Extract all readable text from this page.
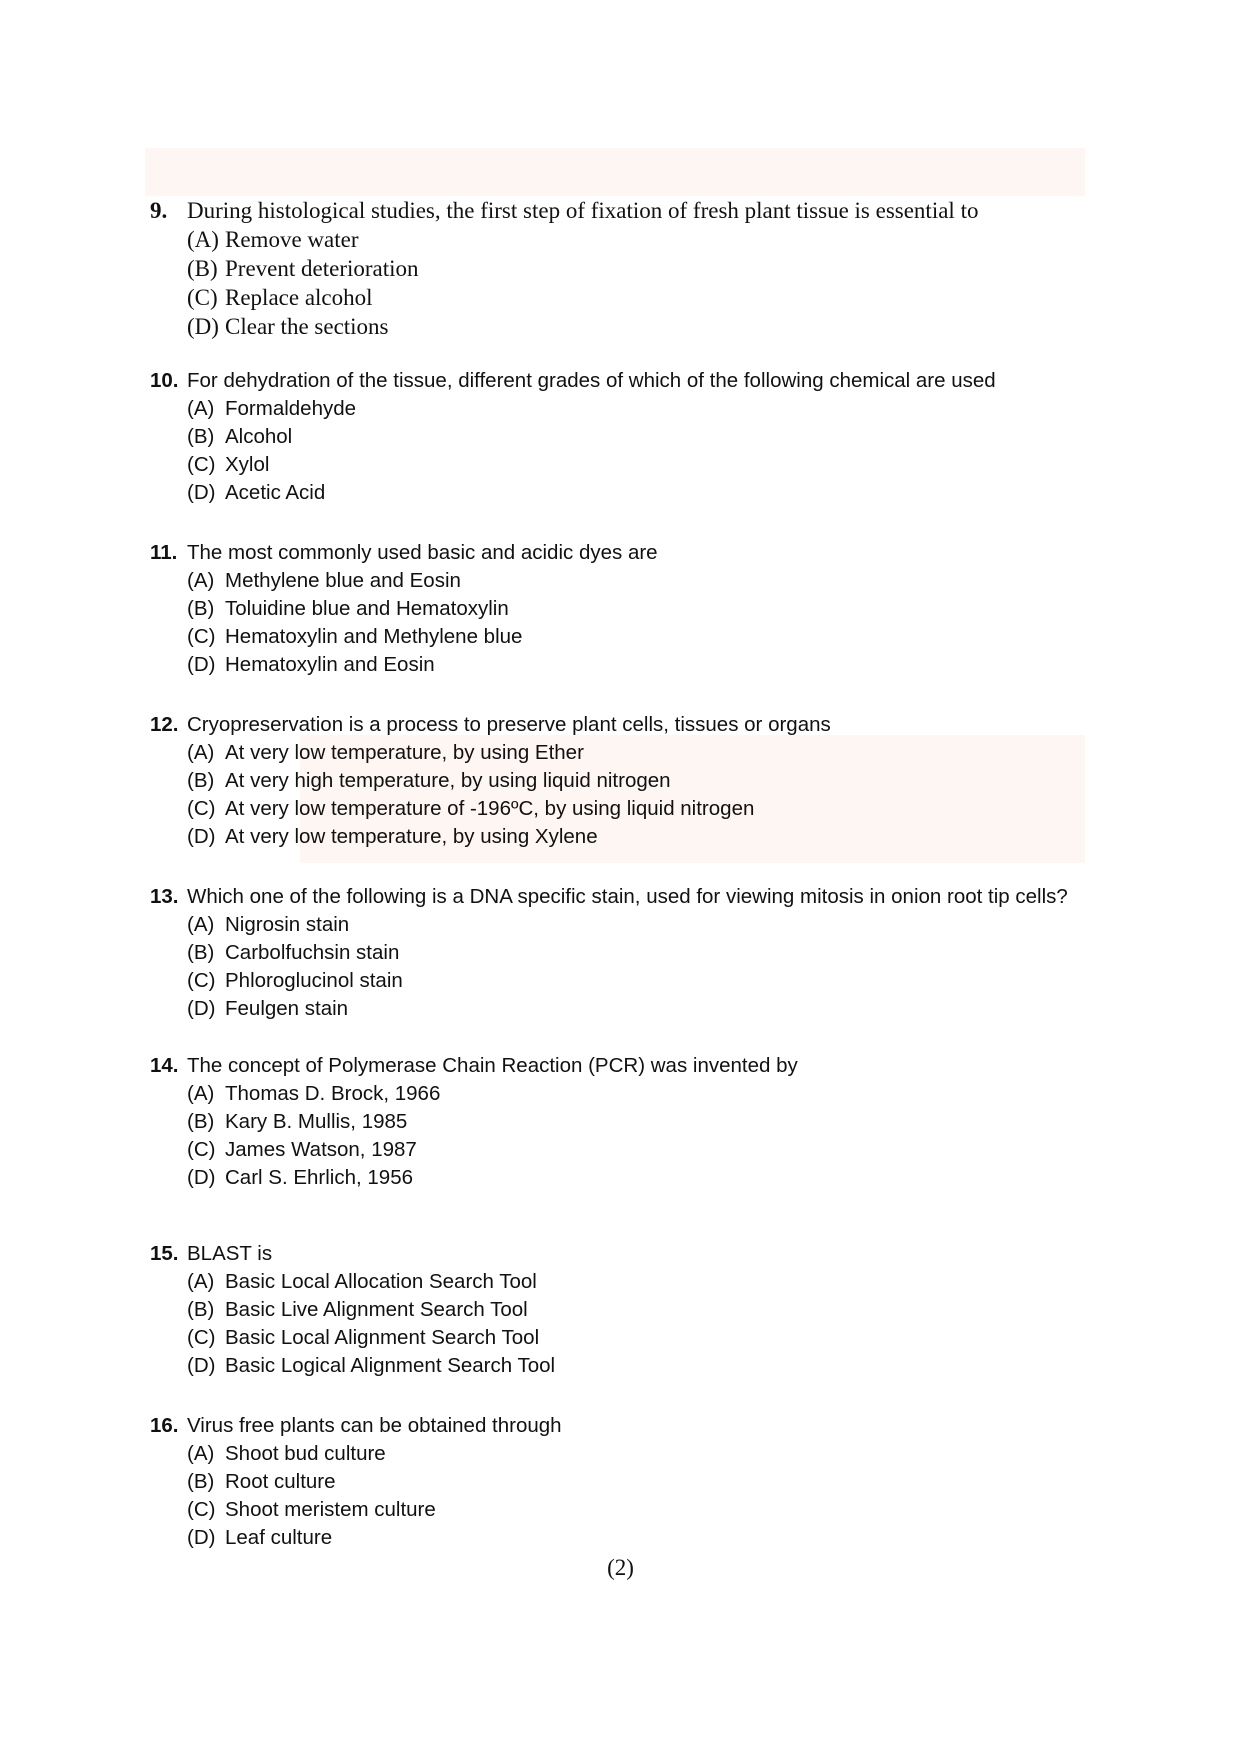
9. During histological studies, the first step of fixation of fresh plant tissue is essential to
(A) Remove water
(B) Prevent deterioration
(C) Replace alcohol
(D) Clear the sections
10. For dehydration of the tissue, different grades of which of the following chemical are used
(A) Formaldehyde
(B) Alcohol
(C) Xylol
(D) Acetic Acid
11. The most commonly used basic and acidic dyes are
(A) Methylene blue and Eosin
(B) Toluidine blue and Hematoxylin
(C) Hematoxylin and Methylene blue
(D) Hematoxylin and Eosin
12. Cryopreservation is a process to preserve plant cells, tissues or organs
(A) At very low temperature, by using Ether
(B) At very high temperature, by using liquid nitrogen
(C) At very low temperature of -196ºC, by using liquid nitrogen
(D) At very low temperature, by using Xylene
13. Which one of the following is a DNA specific stain, used for viewing mitosis in onion root tip cells?
(A) Nigrosin stain
(B) Carbolfuchsin stain
(C) Phloroglucinol stain
(D) Feulgen stain
14. The concept of Polymerase Chain Reaction (PCR) was invented by
(A) Thomas D. Brock, 1966
(B) Kary B. Mullis, 1985
(C) James Watson, 1987
(D) Carl S. Ehrlich, 1956
15. BLAST is
(A) Basic Local Allocation Search Tool
(B) Basic Live Alignment Search Tool
(C) Basic Local Alignment Search Tool
(D) Basic Logical Alignment Search Tool
16. Virus free plants can be obtained through
(A) Shoot bud culture
(B) Root culture
(C) Shoot meristem culture
(D) Leaf culture
(2)
